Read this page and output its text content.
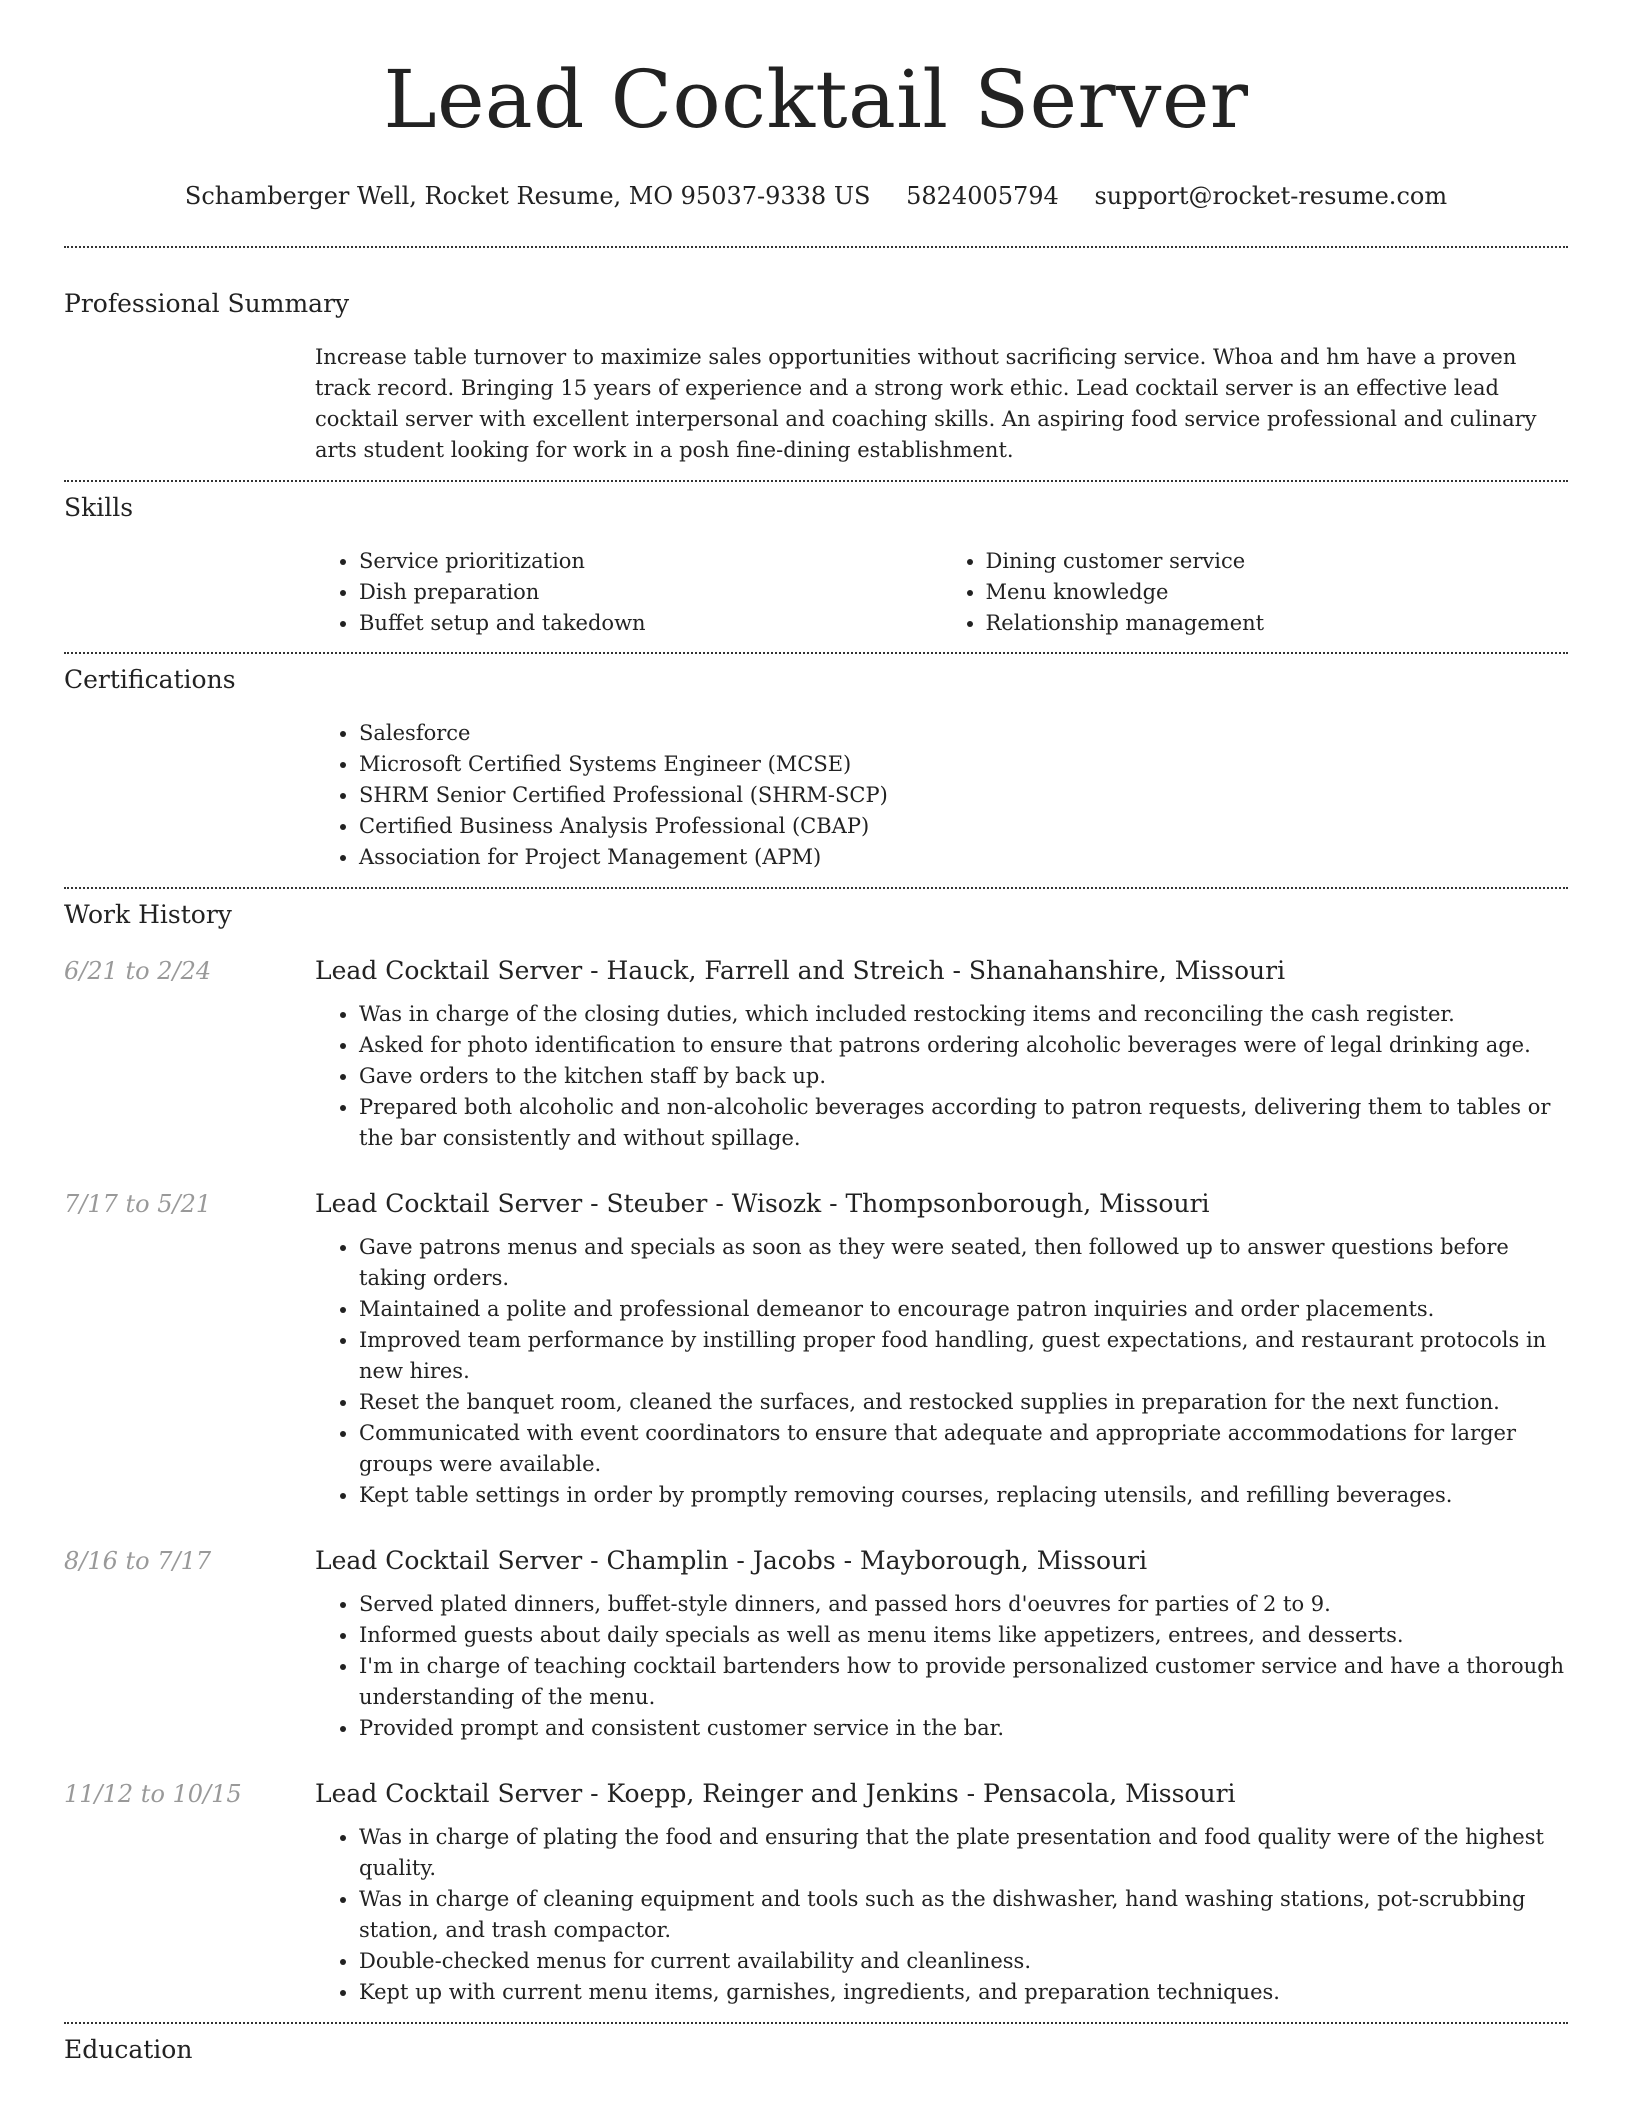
Lead Cocktail Server
Schamberger Well, Rocket Resume, MO 95037-9338 US 5824005794 support@rocket-resume.com
Professional Summary

Increase table turnover to maximize sales opportunities without sacrificing service. Whoa and hm have a proven track record. Bringing 15 years of experience and a strong work ethic. Lead cocktail server is an effective lead cocktail server with excellent interpersonal and coaching skills. An aspiring food service professional and culinary arts student looking for work in a posh fine-dining establishment.

Skills
• Service prioritization
• Dish preparation
• Buffet setup and takedown
• Dining customer service
• Menu knowledge
• Relationship management
Certifications
• Salesforce
• Microsoft Certified Systems Engineer (MCSE)
• SHRM Senior Certified Professional (SHRM-SCP)
• Certified Business Analysis Professional (CBAP)
• Association for Project Management (APM)
Work History
6/21 to 2/24	Lead Cocktail Server - Hauck, Farrell and Streich - Shanahanshire, Missouri
• Was in charge of the closing duties, which included restocking items and reconciling the cash register.
• Asked for photo identification to ensure that patrons ordering alcoholic beverages were of legal drinking age.
• Gave orders to the kitchen staff by back up.
• Prepared both alcoholic and non-alcoholic beverages according to patron requests, delivering them to tables or the bar consistently and without spillage.
7/17 to 5/21	Lead Cocktail Server - Steuber - Wisozk - Thompsonborough, Missouri
• Gave patrons menus and specials as soon as they were seated, then followed up to answer questions before taking orders.
• Maintained a polite and professional demeanor to encourage patron inquiries and order placements.
• Improved team performance by instilling proper food handling, guest expectations, and restaurant protocols in new hires.
• Reset the banquet room, cleaned the surfaces, and restocked supplies in preparation for the next function.
• Communicated with event coordinators to ensure that adequate and appropriate accommodations for larger groups were available.
• Kept table settings in order by promptly removing courses, replacing utensils, and refilling beverages.
8/16 to 7/17	Lead Cocktail Server - Champlin - Jacobs - Mayborough, Missouri
• Served plated dinners, buffet-style dinners, and passed hors d'oeuvres for parties of 2 to 9.
• Informed guests about daily specials as well as menu items like appetizers, entrees, and desserts.
• I'm in charge of teaching cocktail bartenders how to provide personalized customer service and have a thorough understanding of the menu.
• Provided prompt and consistent customer service in the bar.
11/12 to 10/15	Lead Cocktail Server - Koepp, Reinger and Jenkins - Pensacola, Missouri
• Was in charge of plating the food and ensuring that the plate presentation and food quality were of the highest quality.
• Was in charge of cleaning equipment and tools such as the dishwasher, hand washing stations, pot-scrubbing station, and trash compactor.
• Double-checked menus for current availability and cleanliness.
• Kept up with current menu items, garnishes, ingredients, and preparation techniques.
Education
